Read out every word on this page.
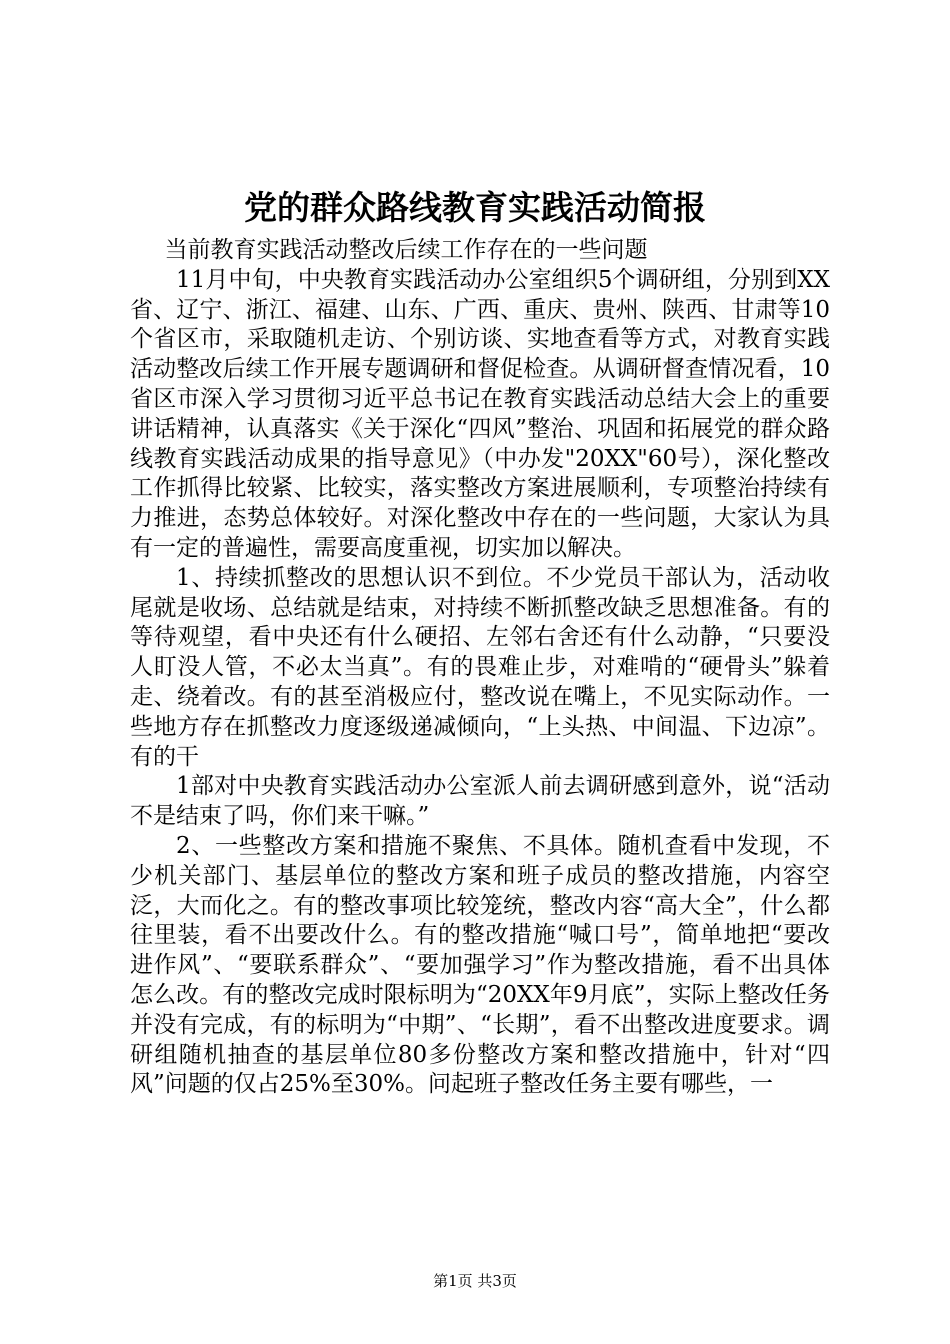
党的群众路线教育实践活动简报

当前教育实践活动整改后续工作存在的一些问题

11月中旬，中央教育实践活动办公室组织5个调研组，分别到XX省、辽宁、浙江、福建、山东、广西、重庆、贵州、陕西、甘肃等10个省区市，采取随机走访、个别访谈、实地查看等方式，对教育实践活动整改后续工作开展专题调研和督促检查。从调研督查情况看，10省区市深入学习贯彻习近平总书记在教育实践活动总结大会上的重要讲话精神，认真落实《关于深化“四风”整治、巩固和拓展党的群众路线教育实践活动成果的指导意见》（中办发"20XX"60号），深化整改工作抓得比较紧、比较实，落实整改方案进展顺利，专项整治持续有力推进，态势总体较好。对深化整改中存在的一些问题，大家认为具有一定的普遍性，需要高度重视，切实加以解决。

1、持续抓整改的思想认识不到位。不少党员干部认为，活动收尾就是收场、总结就是结束，对持续不断抓整改缺乏思想准备。有的等待观望，看中央还有什么硬招、左邻右舍还有什么动静，“只要没人盯没人管，不必太当真”。有的畏难止步，对难啃的“硬骨头”躲着走、绕着改。有的甚至消极应付，整改说在嘴上，不见实际动作。一些地方存在抓整改力度逐级递减倾向，“上头热、中间温、下边凉”。有的干

1部对中央教育实践活动办公室派人前去调研感到意外，说“活动不是结束了吗，你们来干嘛。”

2、一些整改方案和措施不聚焦、不具体。随机查看中发现，不少机关部门、基层单位的整改方案和班子成员的整改措施，内容空泛，大而化之。有的整改事项比较笼统，整改内容“高大全”，什么都往里装，看不出要改什么。有的整改措施“喊口号”，简单地把“要改进作风”、“要联系群众”、“要加强学习”作为整改措施，看不出具体怎么改。有的整改完成时限标明为“20XX年9月底”，实际上整改任务并没有完成，有的标明为“中期”、“长期”，看不出整改进度要求。调研组随机抽查的基层单位80多份整改方案和整改措施中，针对“四风”问题的仅占25%至30%。问起班子整改任务主要有哪些，一

第1页 共3页
